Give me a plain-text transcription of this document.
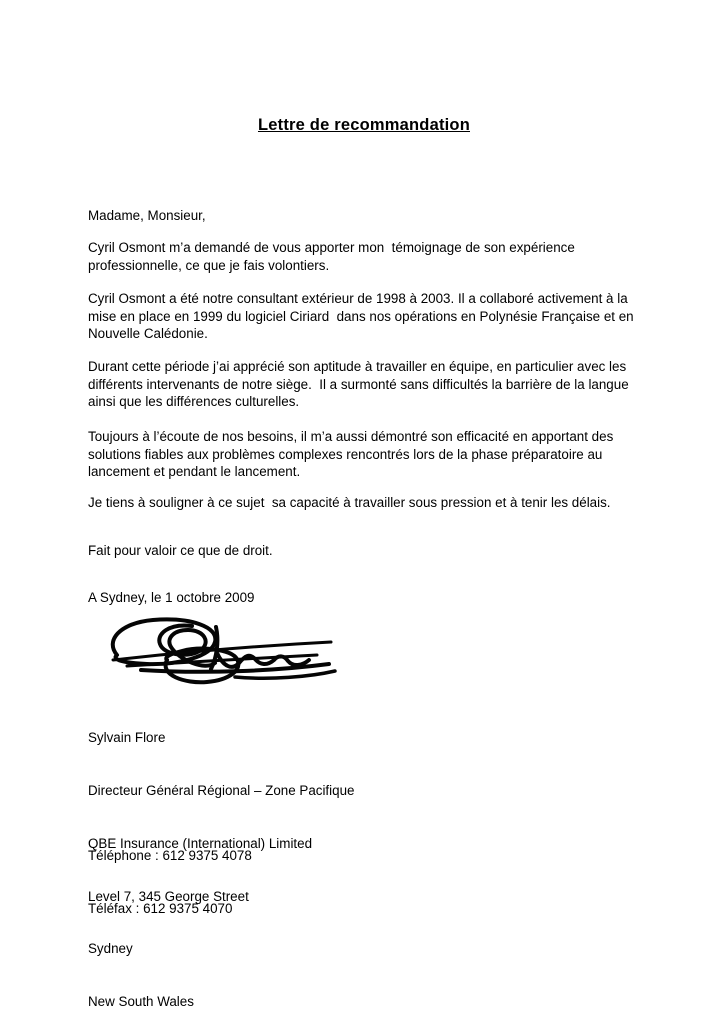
Lettre de recommandation

Madame, Monsieur,

Cyril Osmont m’a demandé de vous apporter mon  témoignage de son expérience professionnelle, ce que je fais volontiers.

Cyril Osmont a été notre consultant extérieur de 1998 à 2003. Il a collaboré activement à la mise en place en 1999 du logiciel Ciriard  dans nos opérations en Polynésie Française et en Nouvelle Calédonie.

Durant cette période j’ai apprécié son aptitude à travailler en équipe, en particulier avec les différents intervenants de notre siège.  Il a surmonté sans difficultés la barrière de la langue ainsi que les différences culturelles.

Toujours à l’écoute de nos besoins, il m’a aussi démontré son efficacité en apportant des solutions fiables aux problèmes complexes rencontrés lors de la phase préparatoire au lancement et pendant le lancement.

Je tiens à souligner à ce sujet  sa capacité à travailler sous pression et à tenir les délais.

Fait pour valoir ce que de droit.

A Sydney, le 1 octobre 2009

Sylvain Flore

Directeur Général Régional – Zone Pacifique

QBE Insurance (International) Limited

Level 7, 345 George Street

Sydney

New South Wales

Téléphone : 612 9375 4078

Téléfax : 612 9375 4070
